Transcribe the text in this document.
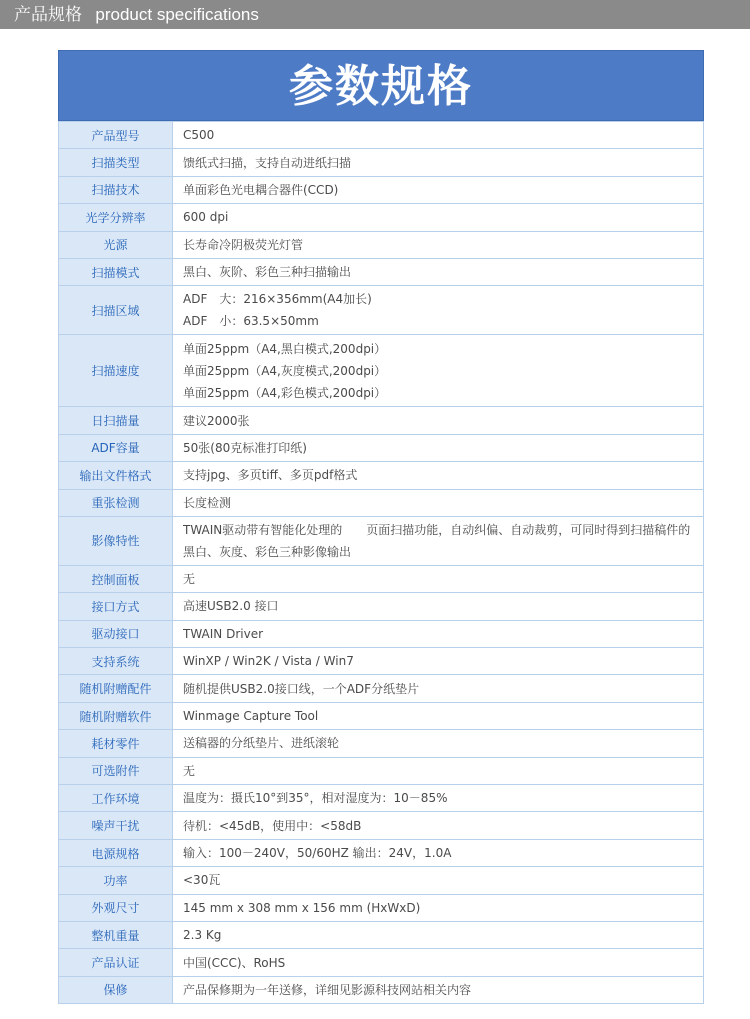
产品规格 product specifications
参数规格
产品型号	C500

扫描类型	馈纸式扫描，支持自动进纸扫描

扫描技术	单面彩色光电耦合器件(CCD)

光学分辨率	600 dpi

光源	长寿命冷阴极荧光灯管

扫描模式	黑白、灰阶、彩色三种扫描输出

扫描区域	ADF　大：216×356mm(A4加长)
ADF　小：63.5×50mm

扫描速度	单面25ppm（A4,黑白模式,200dpi）
单面25ppm（A4,灰度模式,200dpi）
单面25ppm（A4,彩色模式,200dpi）

日扫描量	建议2000张

ADF容量	50张(80克标准打印纸)

输出文件格式	支持jpg、多页tiff、多页pdf格式

重张检测	长度检测

影像特性	TWAIN驱动带有智能化处理的　　页面扫描功能，自动纠偏、自动裁剪，可同时得到扫描稿件的黑白、灰度、彩色三种影像输出

控制面板	无

接口方式	高速USB2.0 接口

驱动接口	TWAIN Driver

支持系统	WinXP / Win2K / Vista / Win7

随机附赠配件	随机提供USB2.0接口线，一个ADF分纸垫片

随机附赠软件	Winmage Capture Tool

耗材零件	送稿器的分纸垫片、进纸滚轮

可选附件	无

工作环境	温度为：摄氏10°到35°，相对湿度为：10－85%

噪声干扰	待机：<45dB，使用中：<58dB

电源规格	输入：100－240V，50/60HZ 输出：24V，1.0A

功率	<30瓦

外观尺寸	145 mm x 308 mm x 156 mm (HxWxD)

整机重量	2.3 Kg

产品认证	中国(CCC)、RoHS

保修	产品保修期为一年送修，详细见影源科技网站相关内容
